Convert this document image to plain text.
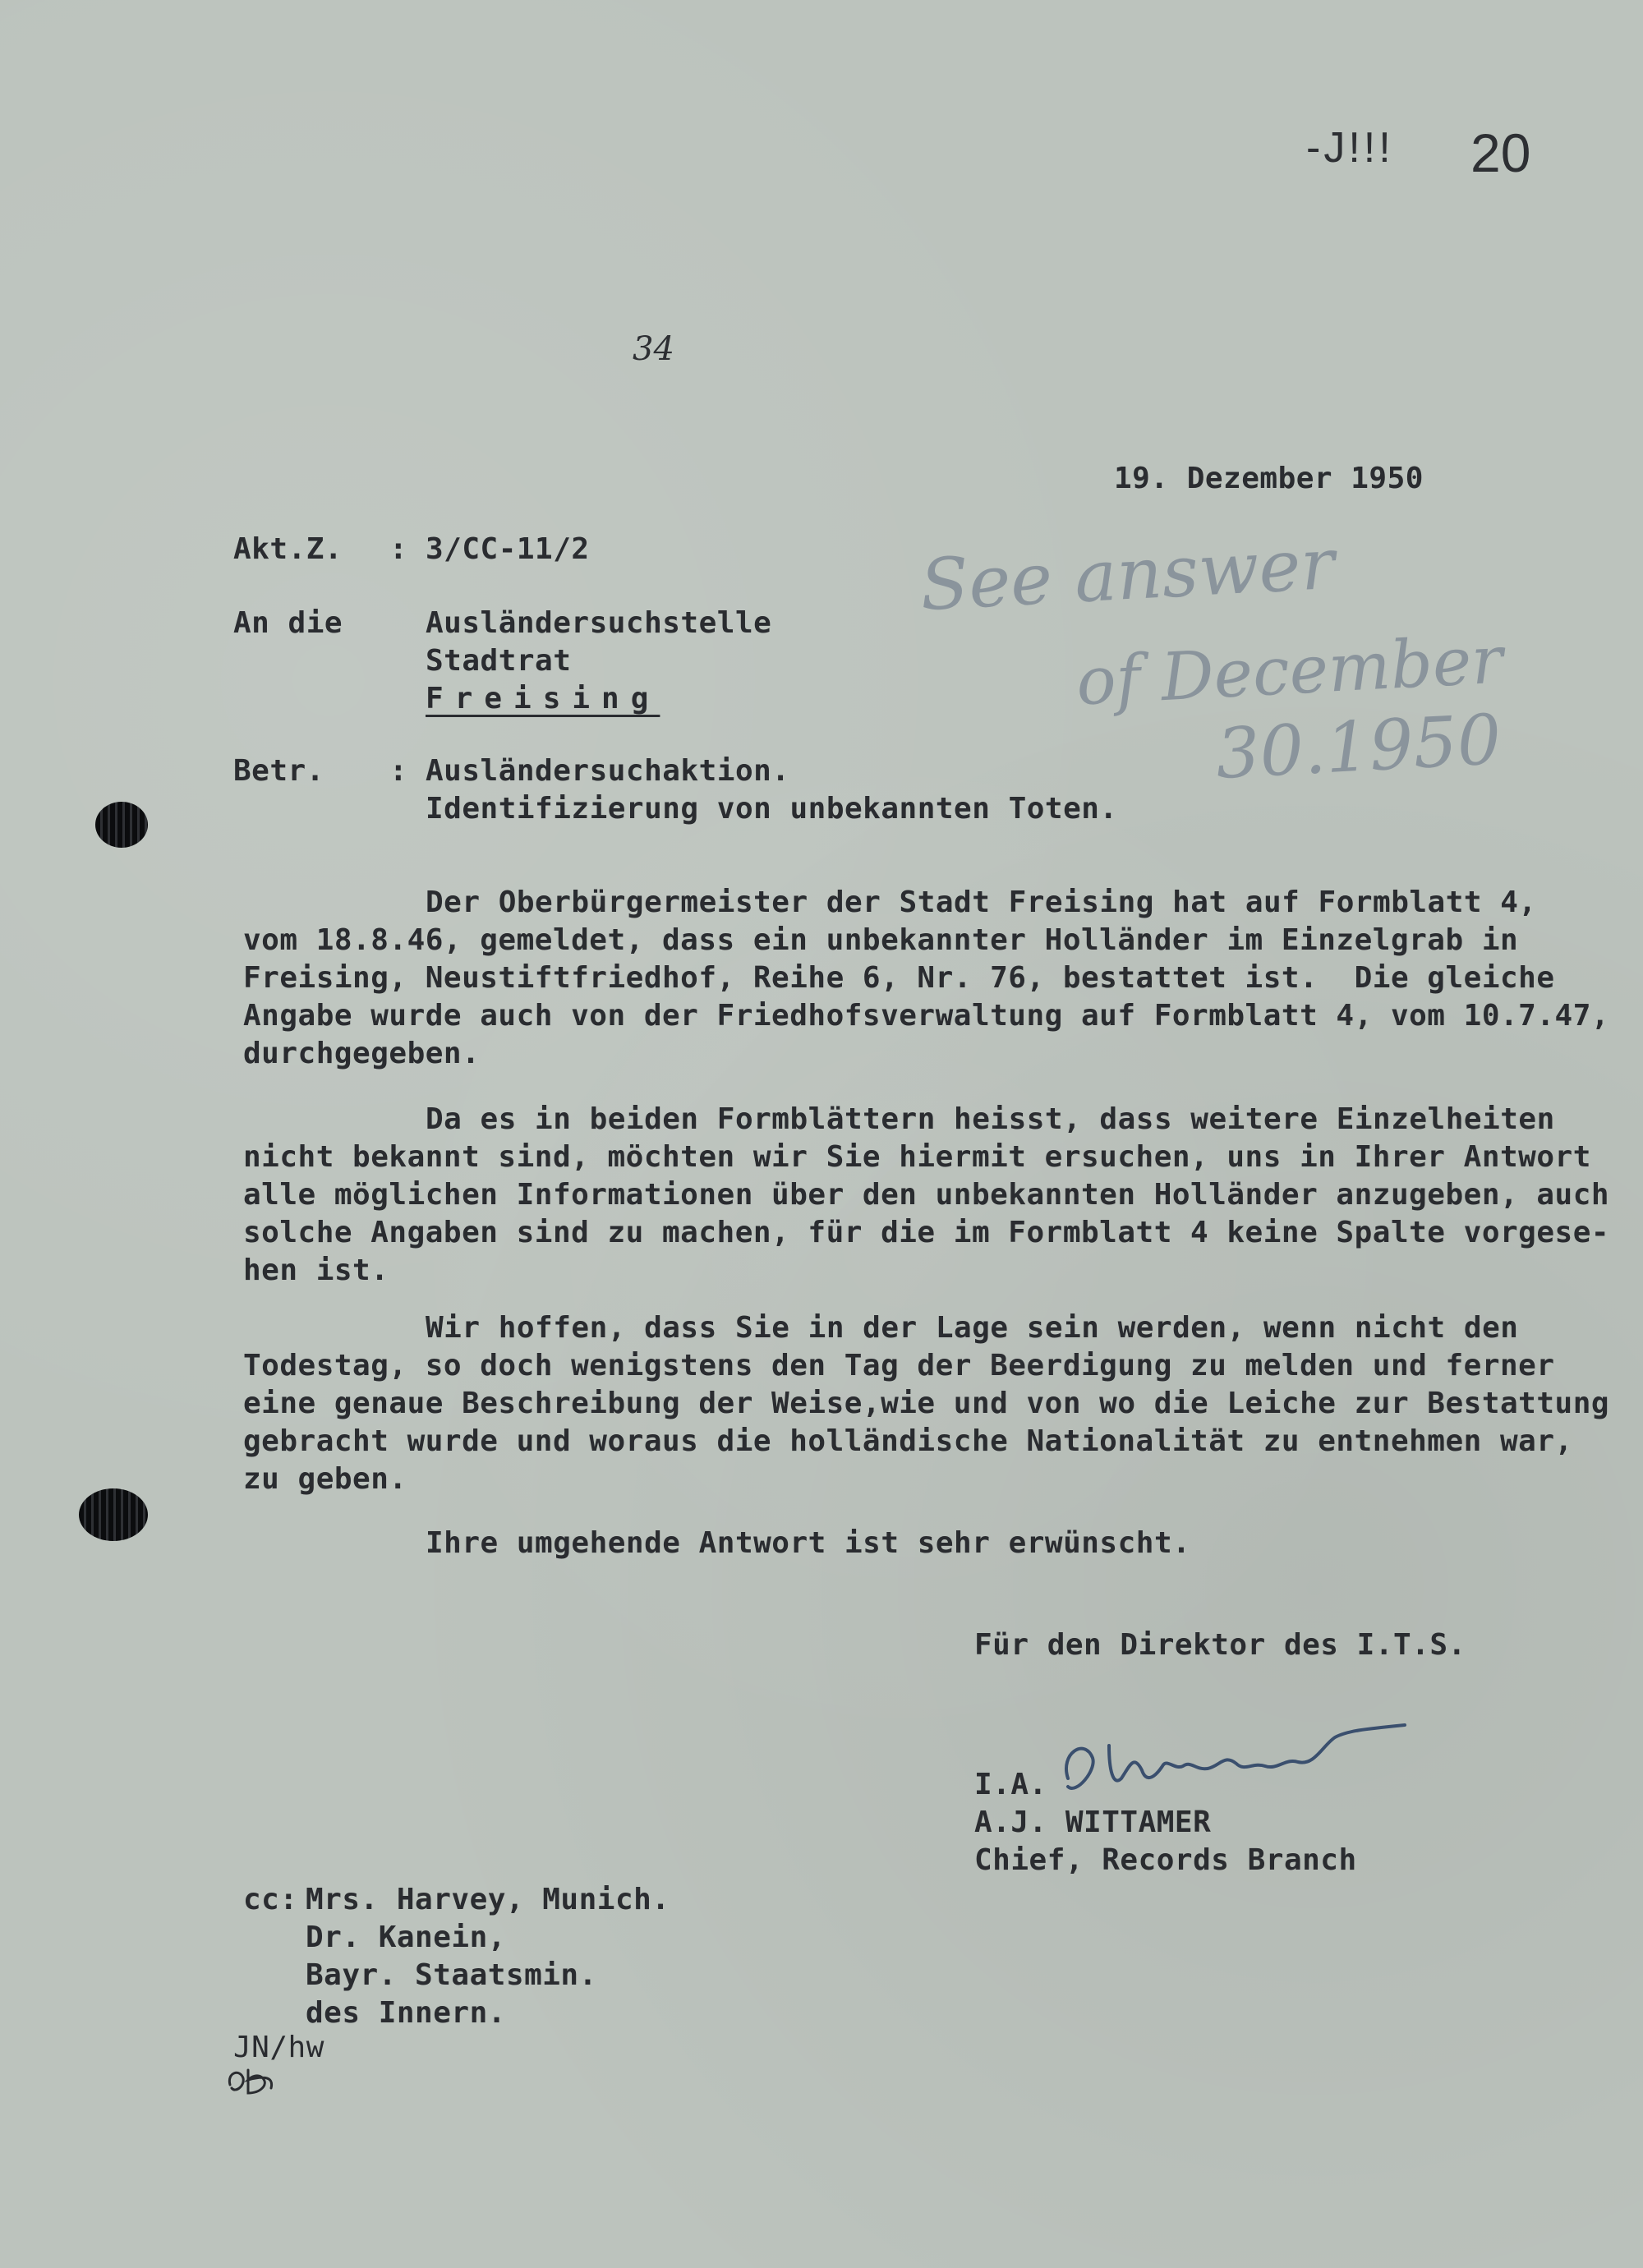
-J!!! 20
34
19. Dezember 1950
Akt.Z. : 3/CC-11/2
An die	Ausländersuchstelle
Stadtrat
Freising
See answer
of December
30.1950
Betr. : Ausländersuchaktion.
Identifizierung von unbekannten Toten.
Der Oberbürgermeister der Stadt Freising hat auf Formblatt 4,
vom 18.8.46, gemeldet, dass ein unbekannter Holländer im Einzelgrab in
Freising, Neustiftfriedhof, Reihe 6, Nr. 76, bestattet ist.  Die gleiche
Angabe wurde auch von der Friedhofsverwaltung auf Formblatt 4, vom 10.7.47,
durchgegeben.
Da es in beiden Formblättern heisst, dass weitere Einzelheiten
nicht bekannt sind, möchten wir Sie hiermit ersuchen, uns in Ihrer Antwort
alle möglichen Informationen über den unbekannten Holländer anzugeben, auch
solche Angaben sind zu machen, für die im Formblatt 4 keine Spalte vorgese-
hen ist.
Wir hoffen, dass Sie in der Lage sein werden, wenn nicht den
Todestag, so doch wenigstens den Tag der Beerdigung zu melden und ferner
eine genaue Beschreibung der Weise,wie und von wo die Leiche zur Bestattung
gebracht wurde und woraus die holländische Nationalität zu entnehmen war,
zu geben.
Ihre umgehende Antwort ist sehr erwünscht.
Für den Direktor des I.T.S.
I.A.
A.J. WITTAMER
Chief, Records Branch
cc: Mrs. Harvey, Munich.
Dr. Kanein,
Bayr. Staatsmin.
des Innern.
JN/hw
